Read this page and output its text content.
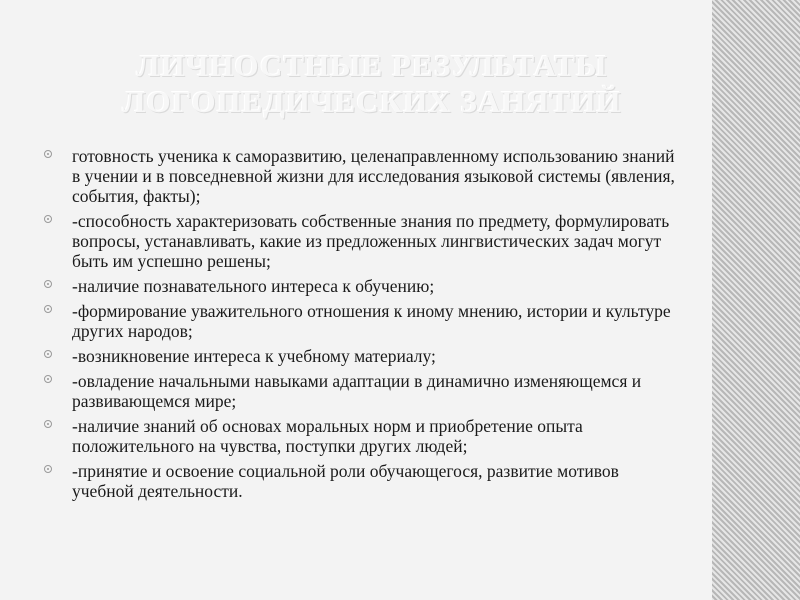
ЛИЧНОСТНЫЕ РЕЗУЛЬТАТЫ
ЛОГОПЕДИЧЕСКИХ ЗАНЯТИЙ
готовность ученика к саморазвитию, целенаправленному использованию знаний в учении и в повседневной жизни для исследования языковой системы (явления, события, факты);
-способность характеризовать собственные знания по предмету, формулировать вопросы, устанавливать, какие из предложенных лингвистических задач могут быть им успешно решены;
-наличие познавательного интереса к обучению;
-формирование уважительного отношения к иному мнению, истории и культуре других народов;
-возникновение интереса к учебному материалу;
-овладение начальными навыками адаптации в динамично изменяющемся и развивающемся мире;
-наличие знаний об основах моральных норм и приобретение опыта положительного на чувства, поступки других людей;
-принятие и освоение социальной роли обучающегося, развитие мотивов учебной деятельности.
